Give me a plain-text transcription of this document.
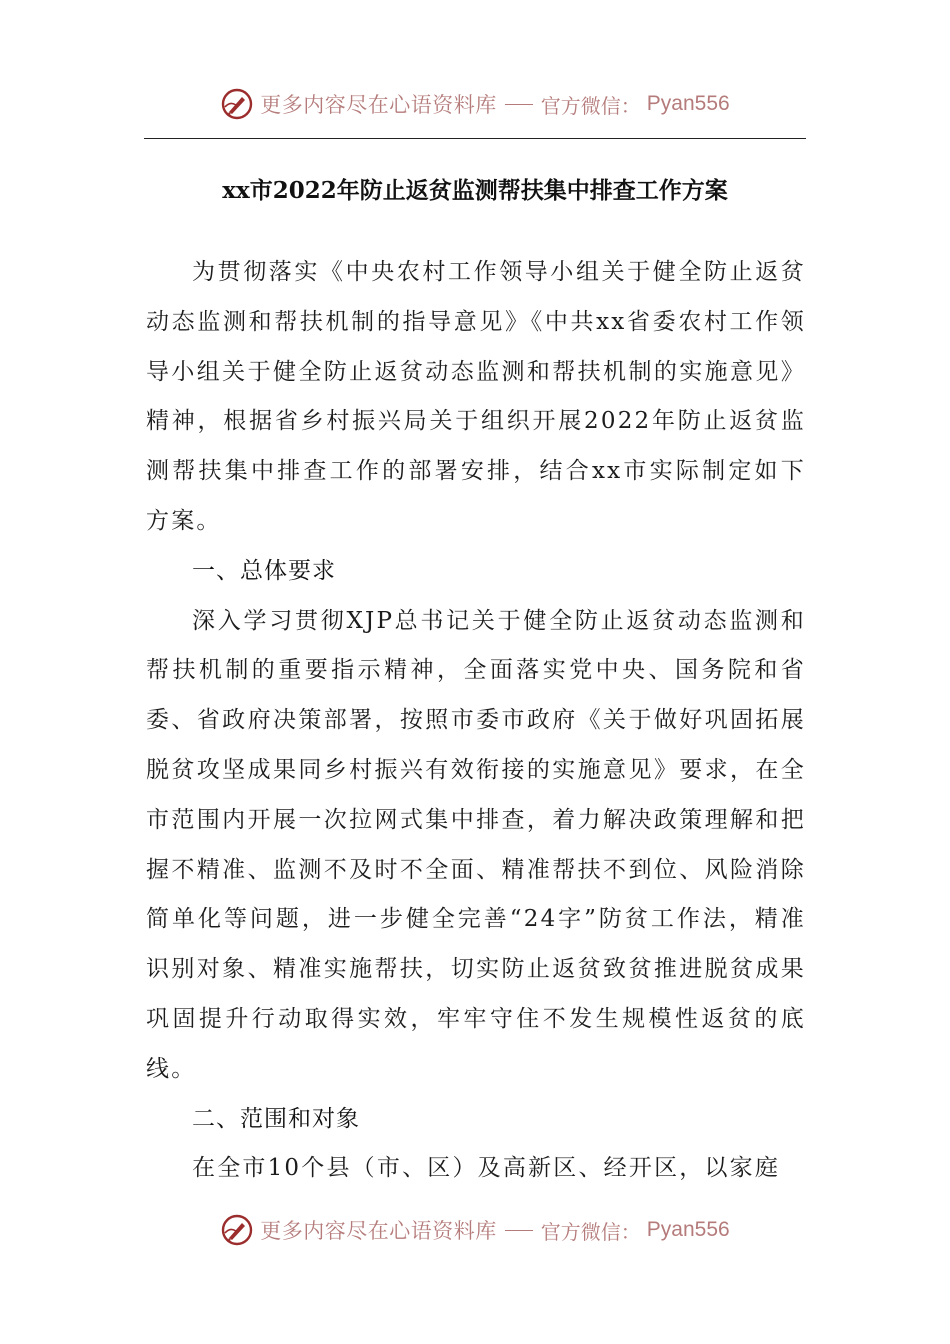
更多内容尽在心语资料库 官方微信： Pyan556
xx市2022年防止返贫监测帮扶集中排查工作方案

为贯彻落实《中央农村工作领导小组关于健全防止返贫动态监测和帮扶机制的指导意见》《中共xx省委农村工作领导小组关于健全防止返贫动态监测和帮扶机制的实施意见》精神，根据省乡村振兴局关于组织开展2022年防止返贫监测帮扶集中排查工作的部署安排，结合xx市实际制定如下方案。

一、总体要求

深入学习贯彻XJP总书记关于健全防止返贫动态监测和帮扶机制的重要指示精神，全面落实党中央、国务院和省委、省政府决策部署，按照市委市政府《关于做好巩固拓展脱贫攻坚成果同乡村振兴有效衔接的实施意见》要求，在全市范围内开展一次拉网式集中排查，着力解决政策理解和把握不精准、监测不及时不全面、精准帮扶不到位、风险消除简单化等问题，进一步健全完善“24字”防贫工作法，精准识别对象、精准实施帮扶，切实防止返贫致贫推进脱贫成果巩固提升行动取得实效，牢牢守住不发生规模性返贫的底线。

二、范围和对象

在全市10个县（市、区）及高新区、经开区，以家庭

更多内容尽在心语资料库 官方微信： Pyan556
